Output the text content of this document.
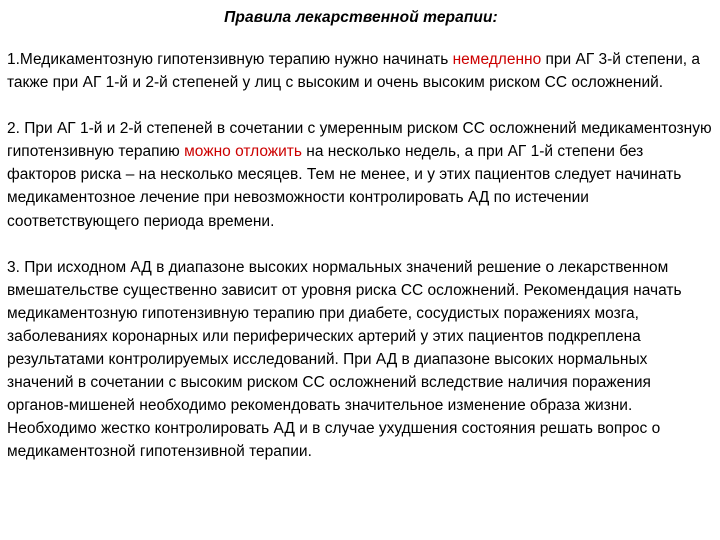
Правила лекарственной терапии:
1.Медикаментозную гипотензивную терапию нужно начинать немедленно при АГ 3-й степени, а также при АГ 1-й и 2-й степеней у лиц с высоким и очень высоким риском СС осложнений.
2. При АГ 1-й и 2-й степеней в сочетании с умеренным риском СС осложнений медикаментозную гипотензивную терапию можно отложить на несколько недель, а при АГ 1-й степени без факторов риска – на несколько месяцев. Тем не менее, и у этих пациентов следует начинать медикаментозное лечение при невозможности контролировать АД по истечении соответствующего периода времени.
3. При исходном АД в диапазоне высоких нормальных значений решение о лекарственном вмешательстве существенно зависит от уровня риска СС осложнений. Рекомендация начать медикаментозную гипотензивную терапию при диабете, сосудистых поражениях мозга, заболеваниях коронарных или периферических артерий у этих пациентов подкреплена результатами контролируемых исследований. При АД в диапазоне высоких нормальных значений в сочетании с высоким риском СС осложнений вследствие наличия поражения органов-мишеней необходимо рекомендовать значительное изменение образа жизни. Необходимо жестко контролировать АД и в случае ухудшения состояния решать вопрос о медикаментозной гипотензивной терапии.
